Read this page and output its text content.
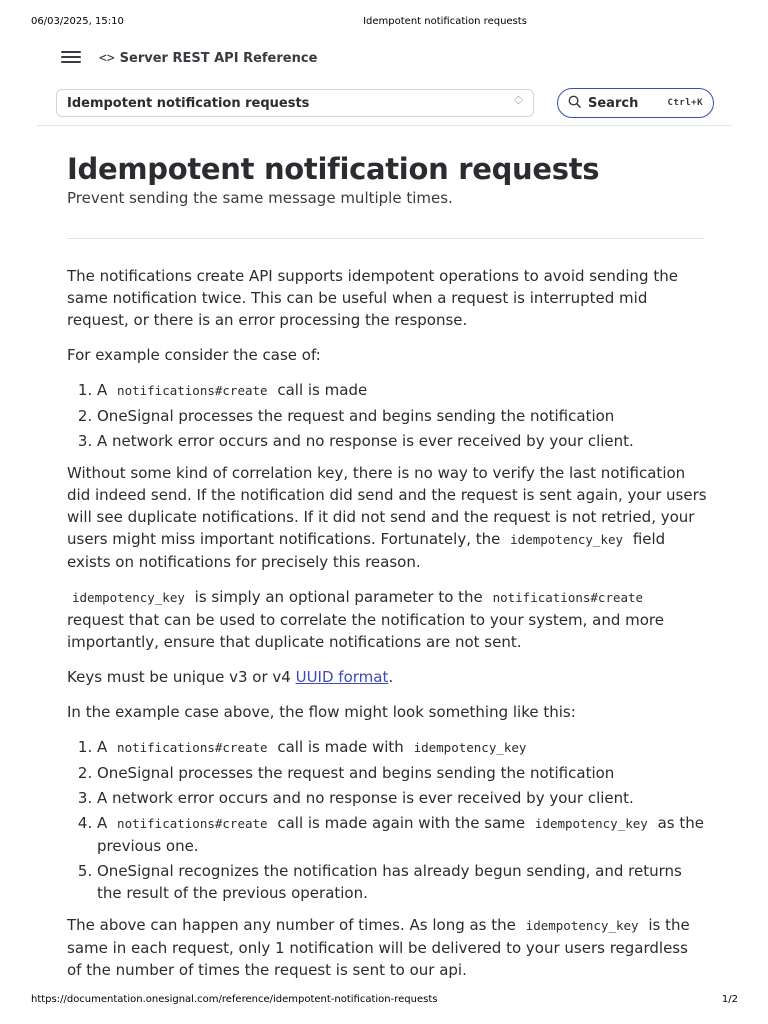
06/03/2025, 15:10	Idempotent notification requests
<> Server REST API Reference
Idempotent notification requests	︿
﹀	Search	Ctrl+K
Idempotent notification requests
Prevent sending the same message multiple times.

The notifications create API supports idempotent operations to avoid sending the same notification twice. This can be useful when a request is interrupted mid request, or there is an error processing the response.

For example consider the case of:

1. A notifications#create call is made
2. OneSignal processes the request and begins sending the notification
3. A network error occurs and no response is ever received by your client.

Without some kind of correlation key, there is no way to verify the last notification did indeed send. If the notification did send and the request is sent again, your users will see duplicate notifications. If it did not send and the request is not retried, your users might miss important notifications. Fortunately, the idempotency_key field exists on notifications for precisely this reason.

idempotency_key is simply an optional parameter to the notifications#create request that can be used to correlate the notification to your system, and more importantly, ensure that duplicate notifications are not sent.

Keys must be unique v3 or v4 UUID format.

In the example case above, the flow might look something like this:

1. A notifications#create call is made with idempotency_key
2. OneSignal processes the request and begins sending the notification
3. A network error occurs and no response is ever received by your client.
4. A notifications#create call is made again with the same idempotency_key as the previous one.
5. OneSignal recognizes the notification has already begun sending, and returns the result of the previous operation.

The above can happen any number of times. As long as the idempotency_key is the same in each request, only 1 notification will be delivered to your users regardless of the number of times the request is sent to our api.

https://documentation.onesignal.com/reference/idempotent-notification-requests	1/2
